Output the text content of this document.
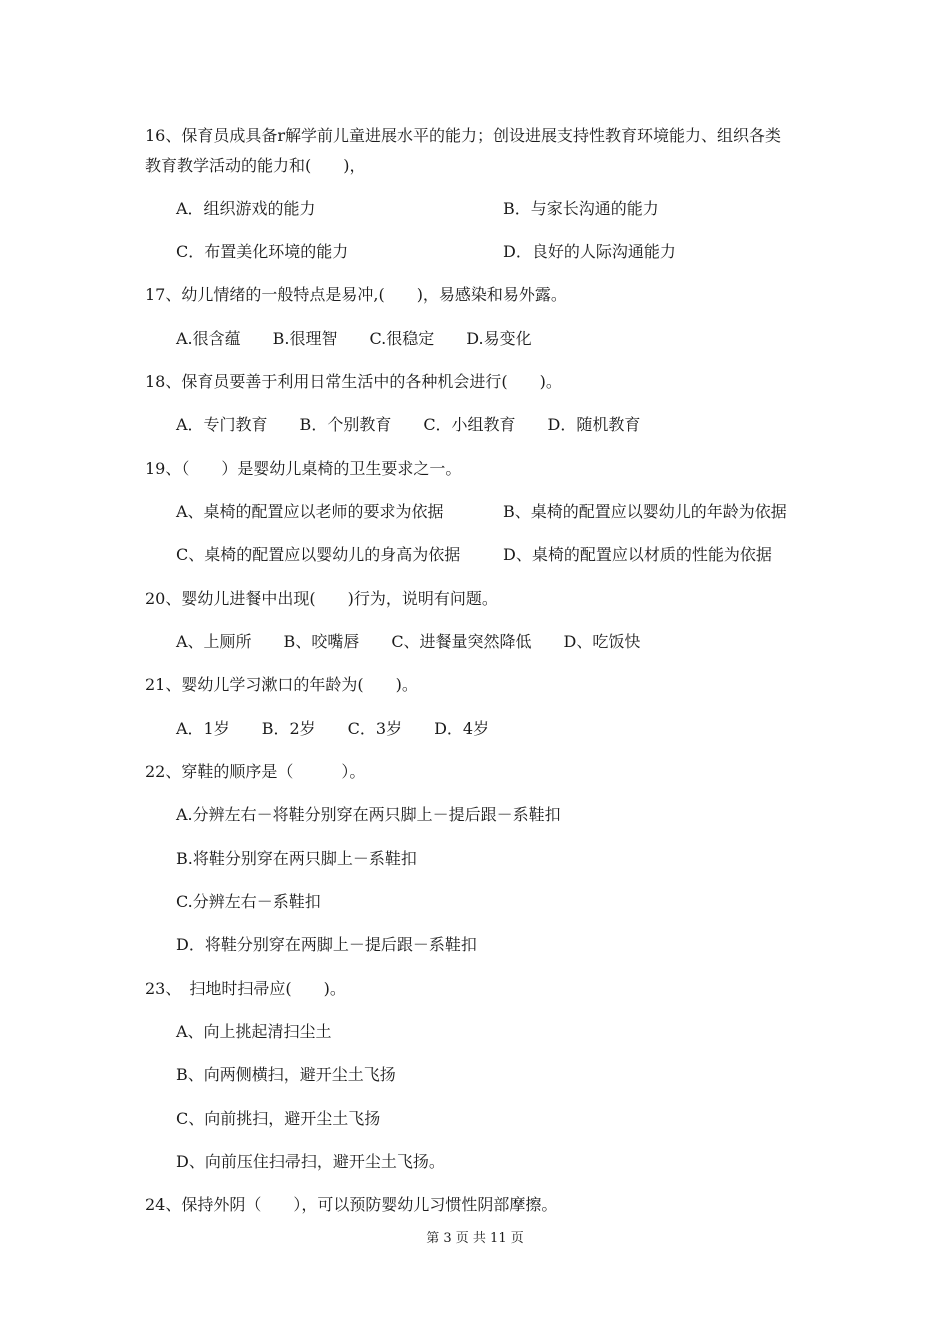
16、保育员成具备r解学前儿童进展水平的能力；创设进展支持性教育环境能力、组织各类
教育教学活动的能力和(　　)，
A．组织游戏的能力	B．与家长沟通的能力
C．布置美化环境的能力	D．良好的人际沟通能力
17、幼儿情绪的一般特点是易冲,(　　)，易感染和易外露。
A.很含蕴　　B.很理智　　C.很稳定　　D.易变化
18、保育员要善于利用日常生活中的各种机会进行(　　)。
A．专门教育　　B．个别教育　　C．小组教育　　D．随机教育
19、（　　）是婴幼儿桌椅的卫生要求之一。
A、桌椅的配置应以老师的要求为依据	B、桌椅的配置应以婴幼儿的年龄为依据
C、桌椅的配置应以婴幼儿的身高为依据	D、桌椅的配置应以材质的性能为依据
20、婴幼儿进餐中出现(　　)行为，说明有问题。
A、上厕所　　B、咬嘴唇　　C、进餐量突然降低　　D、吃饭快
21、婴幼儿学习漱口的年龄为(　　)。
A．1岁　　B．2岁　　C．3岁　　D．4岁
22、穿鞋的顺序是（　　　）。
A.分辨左右－将鞋分别穿在两只脚上－提后跟－系鞋扣
B.将鞋分别穿在两只脚上－系鞋扣
C.分辨左右－系鞋扣
D．将鞋分别穿在两脚上－提后跟－系鞋扣
23、　扫地时扫帚应(　　)。
A、向上挑起清扫尘土
B、向两侧横扫，避开尘土飞扬
C、向前挑扫，避开尘土飞扬
D、向前压住扫帚扫，避开尘土飞扬。
24、保持外阴（　　），可以预防婴幼儿习惯性阴部摩擦。
第 3 页 共 11 页
